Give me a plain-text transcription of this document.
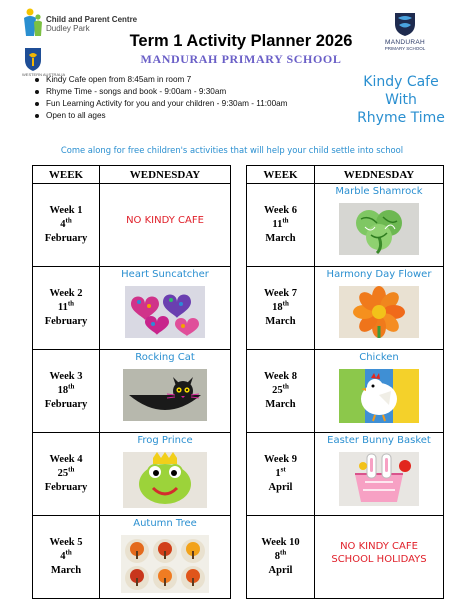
Child and Parent Centre
Dudley Park
WESTERN AUSTRALIA
Term 1 Activity Planner 2026
MANDURAH PRIMARY SCHOOL
MANDURAH
PRIMARY SCHOOL
Kindy Cafe open from 8:45am in room 7
Rhyme Time - songs and book - 9:00am - 9:30am
Fun Learning Activity for you and your children - 9:30am - 11:00am
Open to all ages
Kindy Cafe
With
Rhyme Time
Come along for free children's activities that will help your child settle into school
WEEK	WEDNESDAY
Week 1
4th
February	NO KINDY CAFE

Week 2
11th
February	Heart Suncatcher

Week 3
18th
February	Rocking Cat

Week 4
25th
February	Frog Prince

Week 5
4th
March	Autumn Tree
WEEK	WEDNESDAY
Week 6
11th
March	Marble Shamrock

Week 7
18th
March	Harmony Day Flower

Week 8
25th
March	Chicken

Week 9
1st
April	Easter Bunny Basket

Week 10
8th
April	NO KINDY CAFE
SCHOOL HOLIDAYS
